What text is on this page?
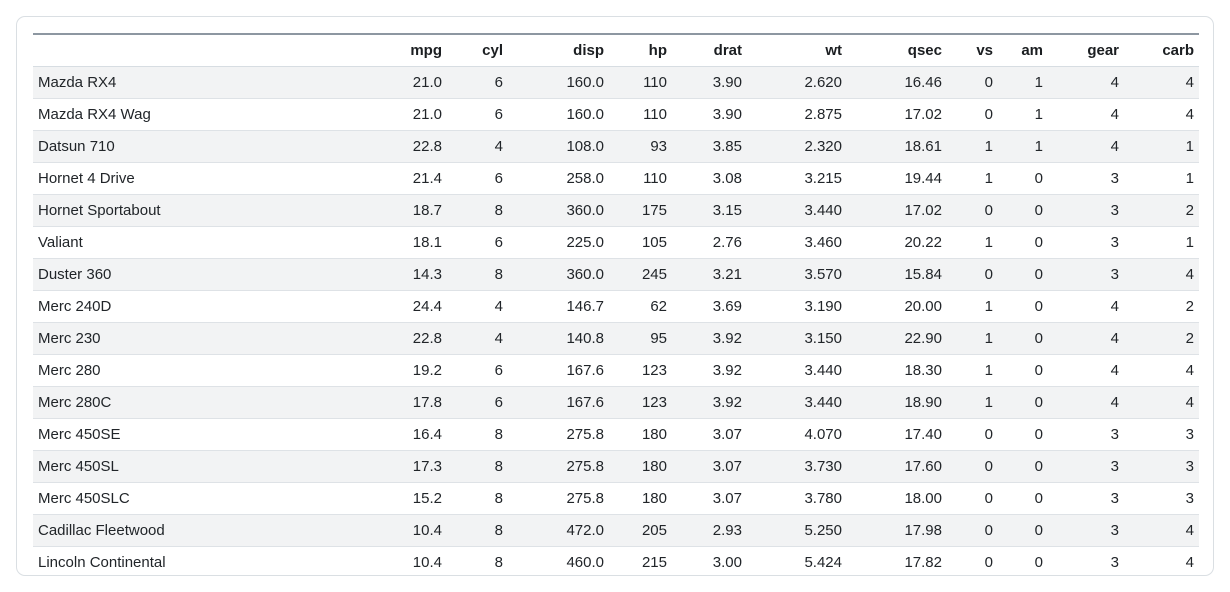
	mpg	cyl	disp	hp	drat	wt	qsec	vs	am	gear	carb
Mazda RX4	21.0	6	160.0	110	3.90	2.620	16.46	0	1	4	4
Mazda RX4 Wag	21.0	6	160.0	110	3.90	2.875	17.02	0	1	4	4
Datsun 710	22.8	4	108.0	93	3.85	2.320	18.61	1	1	4	1
Hornet 4 Drive	21.4	6	258.0	110	3.08	3.215	19.44	1	0	3	1
Hornet Sportabout	18.7	8	360.0	175	3.15	3.440	17.02	0	0	3	2
Valiant	18.1	6	225.0	105	2.76	3.460	20.22	1	0	3	1
Duster 360	14.3	8	360.0	245	3.21	3.570	15.84	0	0	3	4
Merc 240D	24.4	4	146.7	62	3.69	3.190	20.00	1	0	4	2
Merc 230	22.8	4	140.8	95	3.92	3.150	22.90	1	0	4	2
Merc 280	19.2	6	167.6	123	3.92	3.440	18.30	1	0	4	4
Merc 280C	17.8	6	167.6	123	3.92	3.440	18.90	1	0	4	4
Merc 450SE	16.4	8	275.8	180	3.07	4.070	17.40	0	0	3	3
Merc 450SL	17.3	8	275.8	180	3.07	3.730	17.60	0	0	3	3
Merc 450SLC	15.2	8	275.8	180	3.07	3.780	18.00	0	0	3	3
Cadillac Fleetwood	10.4	8	472.0	205	2.93	5.250	17.98	0	0	3	4
Lincoln Continental	10.4	8	460.0	215	3.00	5.424	17.82	0	0	3	4
